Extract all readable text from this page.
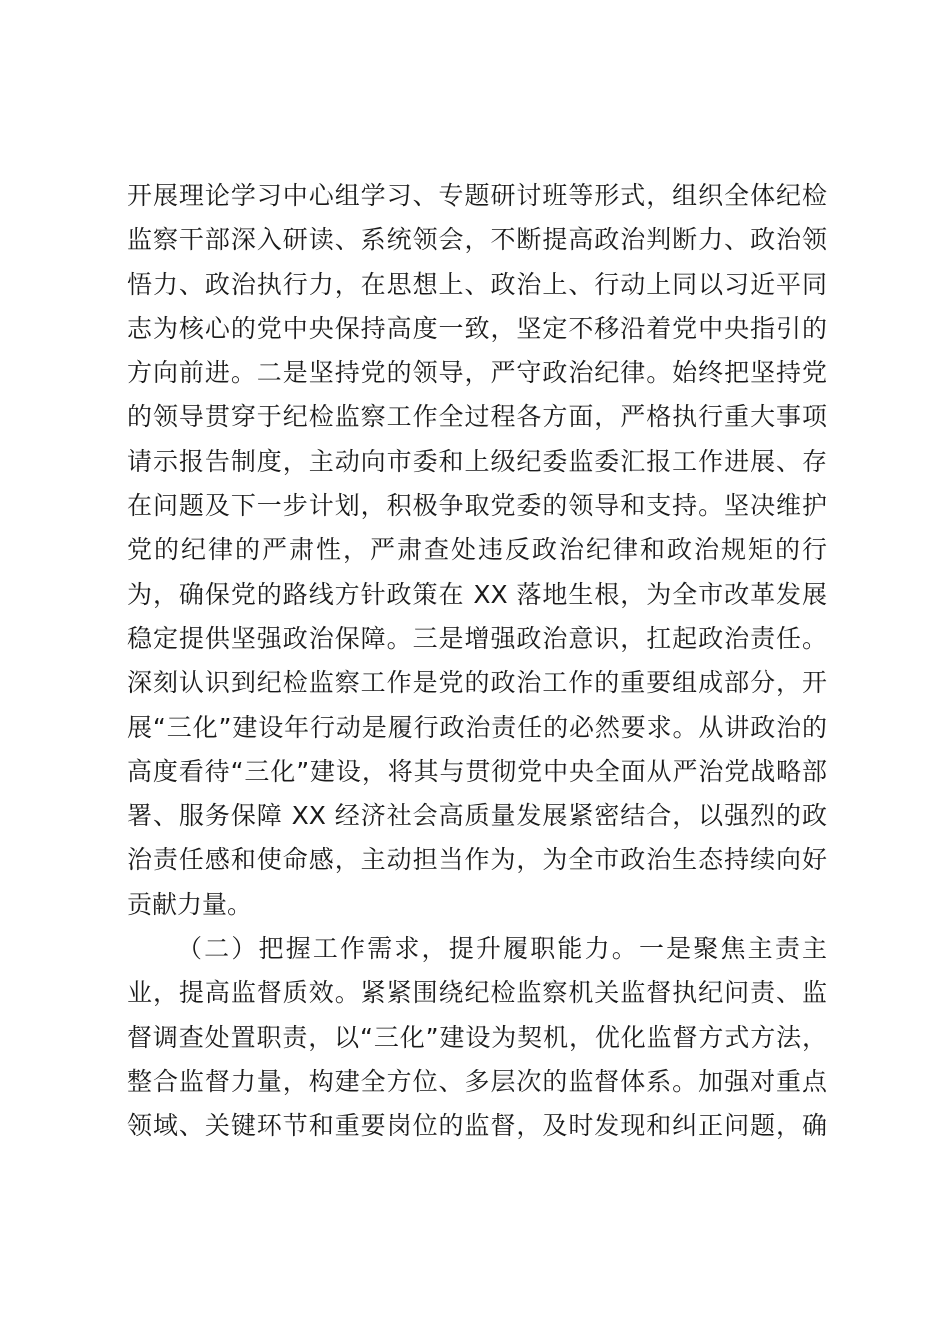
开展理论学习中心组学习、专题研讨班等形式，组织全体纪检
监察干部深入研读、系统领会，不断提高政治判断力、政治领
悟力、政治执行力，在思想上、政治上、行动上同以习近平同
志为核心的党中央保持高度一致，坚定不移沿着党中央指引的
方向前进。二是坚持党的领导，严守政治纪律。始终把坚持党
的领导贯穿于纪检监察工作全过程各方面，严格执行重大事项
请示报告制度，主动向市委和上级纪委监委汇报工作进展、存
在问题及下一步计划，积极争取党委的领导和支持。坚决维护
党的纪律的严肃性，严肃查处违反政治纪律和政治规矩的行
为，确保党的路线方针政策在 XX 落地生根，为全市改革发展
稳定提供坚强政治保障。三是增强政治意识，扛起政治责任。
深刻认识到纪检监察工作是党的政治工作的重要组成部分，开
展“三化”建设年行动是履行政治责任的必然要求。从讲政治的
高度看待“三化”建设，将其与贯彻党中央全面从严治党战略部
署、服务保障 XX 经济社会高质量发展紧密结合，以强烈的政
治责任感和使命感，主动担当作为，为全市政治生态持续向好
贡献力量。
（二）把握工作需求，提升履职能力。一是聚焦主责主
业，提高监督质效。紧紧围绕纪检监察机关监督执纪问责、监
督调查处置职责，以“三化”建设为契机，优化监督方式方法，
整合监督力量，构建全方位、多层次的监督体系。加强对重点
领域、关键环节和重要岗位的监督，及时发现和纠正问题，确
